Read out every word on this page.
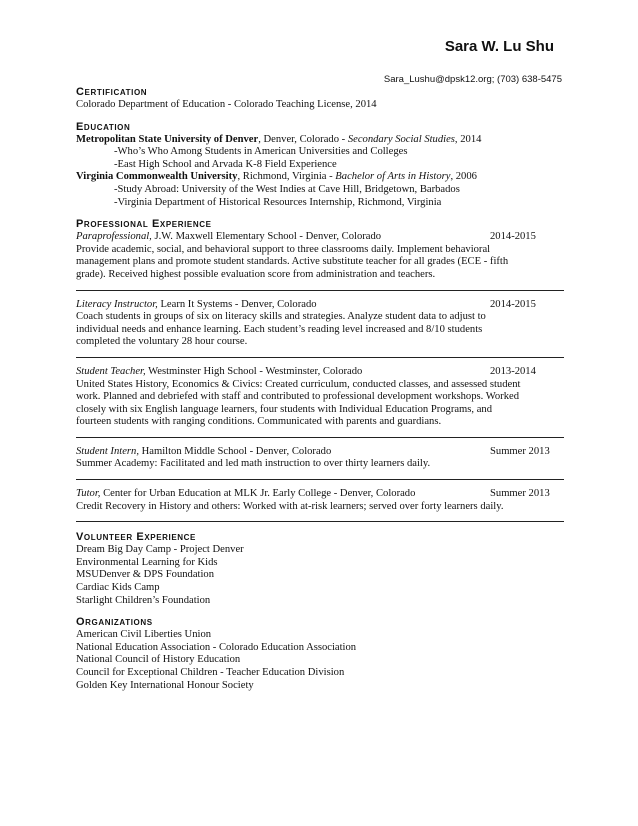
Sara W. Lu Shu
Sara_Lushu@dpsk12.org; (703) 638-5475
Certification
Colorado Department of Education - Colorado Teaching License, 2014
Education
Metropolitan State University of Denver, Denver, Colorado - Secondary Social Studies, 2014
-Who’s Who Among Students in American Universities and Colleges
-East High School and Arvada K-8 Field Experience
Virginia Commonwealth University, Richmond, Virginia - Bachelor of Arts in History, 2006
-Study Abroad: University of the West Indies at Cave Hill, Bridgetown, Barbados
-Virginia Department of Historical Resources Internship, Richmond, Virginia
Professional Experience
Paraprofessional, J.W. Maxwell Elementary School - Denver, Colorado	2014-2015
Provide academic, social, and behavioral support to three classrooms daily. Implement behavioral
management plans and promote student standards. Active substitute teacher for all grades (ECE - fifth
grade). Received highest possible evaluation score from administration and teachers.
Literacy Instructor, Learn It Systems - Denver, Colorado	2014-2015
Coach students in groups of six on literacy skills and strategies. Analyze student data to adjust to
individual needs and enhance learning. Each student’s reading level increased and 8/10 students
completed the voluntary 28 hour course.
Student Teacher, Westminster High School - Westminster, Colorado	2013-2014
United States History, Economics & Civics: Created curriculum, conducted classes, and assessed student
work. Planned and debriefed with staff and contributed to professional development workshops. Worked
closely with six English language learners, four students with Individual Education Programs, and
fourteen students with ranging conditions. Communicated with parents and guardians.
Student Intern, Hamilton Middle School - Denver, Colorado	Summer 2013
Summer Academy: Facilitated and led math instruction to over thirty learners daily.
Tutor, Center for Urban Education at MLK Jr. Early College - Denver, Colorado	Summer 2013
Credit Recovery in History and others: Worked with at-risk learners; served over forty learners daily.
Volunteer Experience
Dream Big Day Camp - Project Denver
Environmental Learning for Kids
MSUDenver & DPS Foundation
Cardiac Kids Camp
Starlight Children’s Foundation
Organizations
American Civil Liberties Union
National Education Association - Colorado Education Association
National Council of History Education
Council for Exceptional Children - Teacher Education Division
Golden Key International Honour Society
